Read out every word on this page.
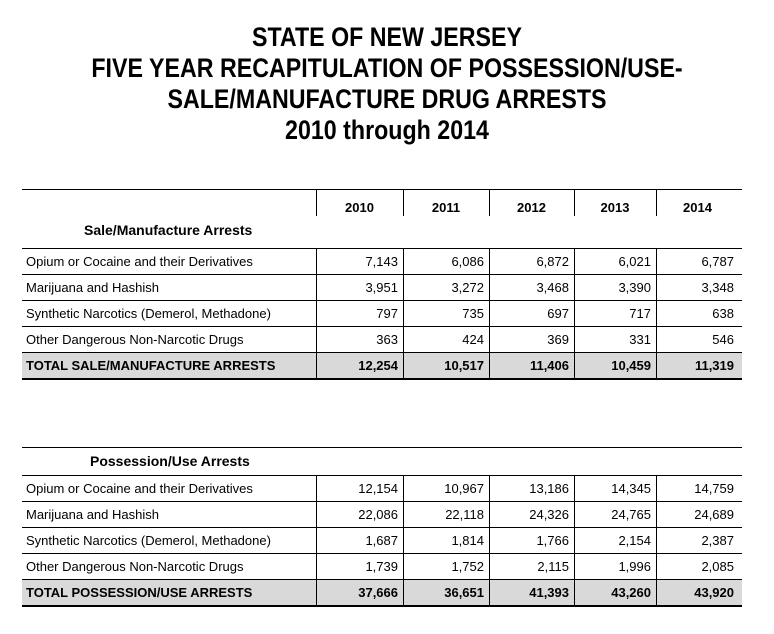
STATE OF NEW JERSEY
FIVE YEAR RECAPITULATION OF POSSESSION/USE-
SALE/MANUFACTURE DRUG ARRESTS
2010 through 2014
2010	2011	2012	2013	2014
Sale/Manufacture Arrests
Opium or Cocaine and their Derivatives	7,143	6,086	6,872	6,021	6,787
Marijuana and Hashish	3,951	3,272	3,468	3,390	3,348
Synthetic Narcotics (Demerol, Methadone)	797	735	697	717	638
Other Dangerous Non-Narcotic Drugs	363	424	369	331	546
TOTAL SALE/MANUFACTURE ARRESTS	12,254	10,517	11,406	10,459	11,319
Possession/Use Arrests
Opium or Cocaine and their Derivatives	12,154	10,967	13,186	14,345	14,759
Marijuana and Hashish	22,086	22,118	24,326	24,765	24,689
Synthetic Narcotics (Demerol, Methadone)	1,687	1,814	1,766	2,154	2,387
Other Dangerous Non-Narcotic Drugs	1,739	1,752	2,115	1,996	2,085
TOTAL POSSESSION/USE ARRESTS	37,666	36,651	41,393	43,260	43,920
